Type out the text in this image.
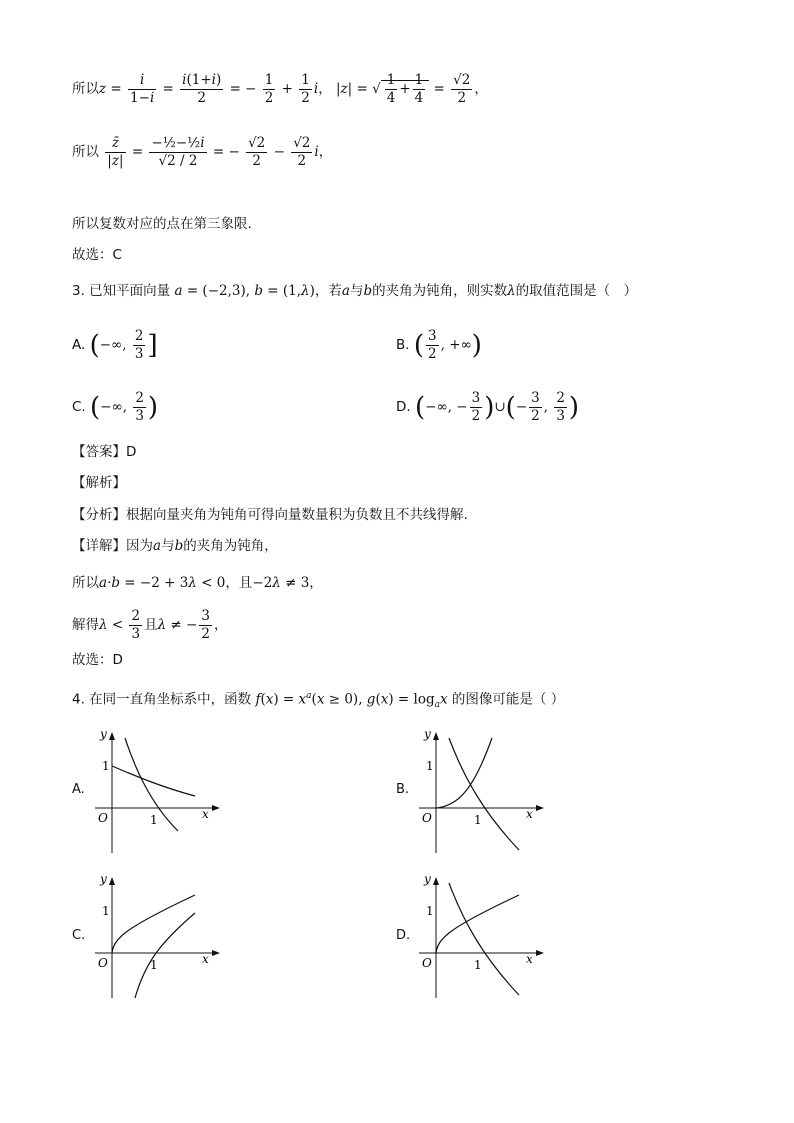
所以$z = \frac{i}{1-i} = \frac{i(1+i)}{2}$ = − $\frac{1}{2} + \frac{1}{2}$ i， |z| = √ $\frac{1}{4} + \frac{1}{4} = \frac{√2}{2}$ ，
所以 $\frac{z̄}{|z|} = \frac{\text{−½−½i}}{√2 / 2}$ = − $\frac{√2}{2} - \frac{√2}{2}$ i，
所以复数对应的点在第三象限.
故选：C
3. 已知平面向量 a = (−2,3), b = (1,λ)，若a与b的夹角为钝角，则实数λ的取值范围是（　）
A. (−∞, $\frac{2}{3}$ ]	B. ( $\frac{3}{2}$ , +∞)
C. (−∞, $\frac{2}{3}$ )	D. (−∞, − $\frac{3}{2}$ )∪(− $\frac{3}{2}$ , $\frac{2}{3}$ )
【答案】D
【解析】
【分析】根据向量夹角为钝角可得向量数量积为负数且不共线得解.
【详解】因为a与b的夹角为钝角，
所以a·b = −2 + 3λ < 0，且−2λ ≠ 3，
解得$\lambda < \frac{2}{3}$ 且λ ≠ − $\frac{3}{2}$ ，
故选：D
4. 在同一直角坐标系中，函数 $f(x) = x^a(x \ge 0)$, $g(x) = \log_ax$ 的图像可能是（ ）
A.	B.
C.	D.
y
x
O
1
1
y
x
O
1
1
y
x
O
1
1
y
x
O
1
1
